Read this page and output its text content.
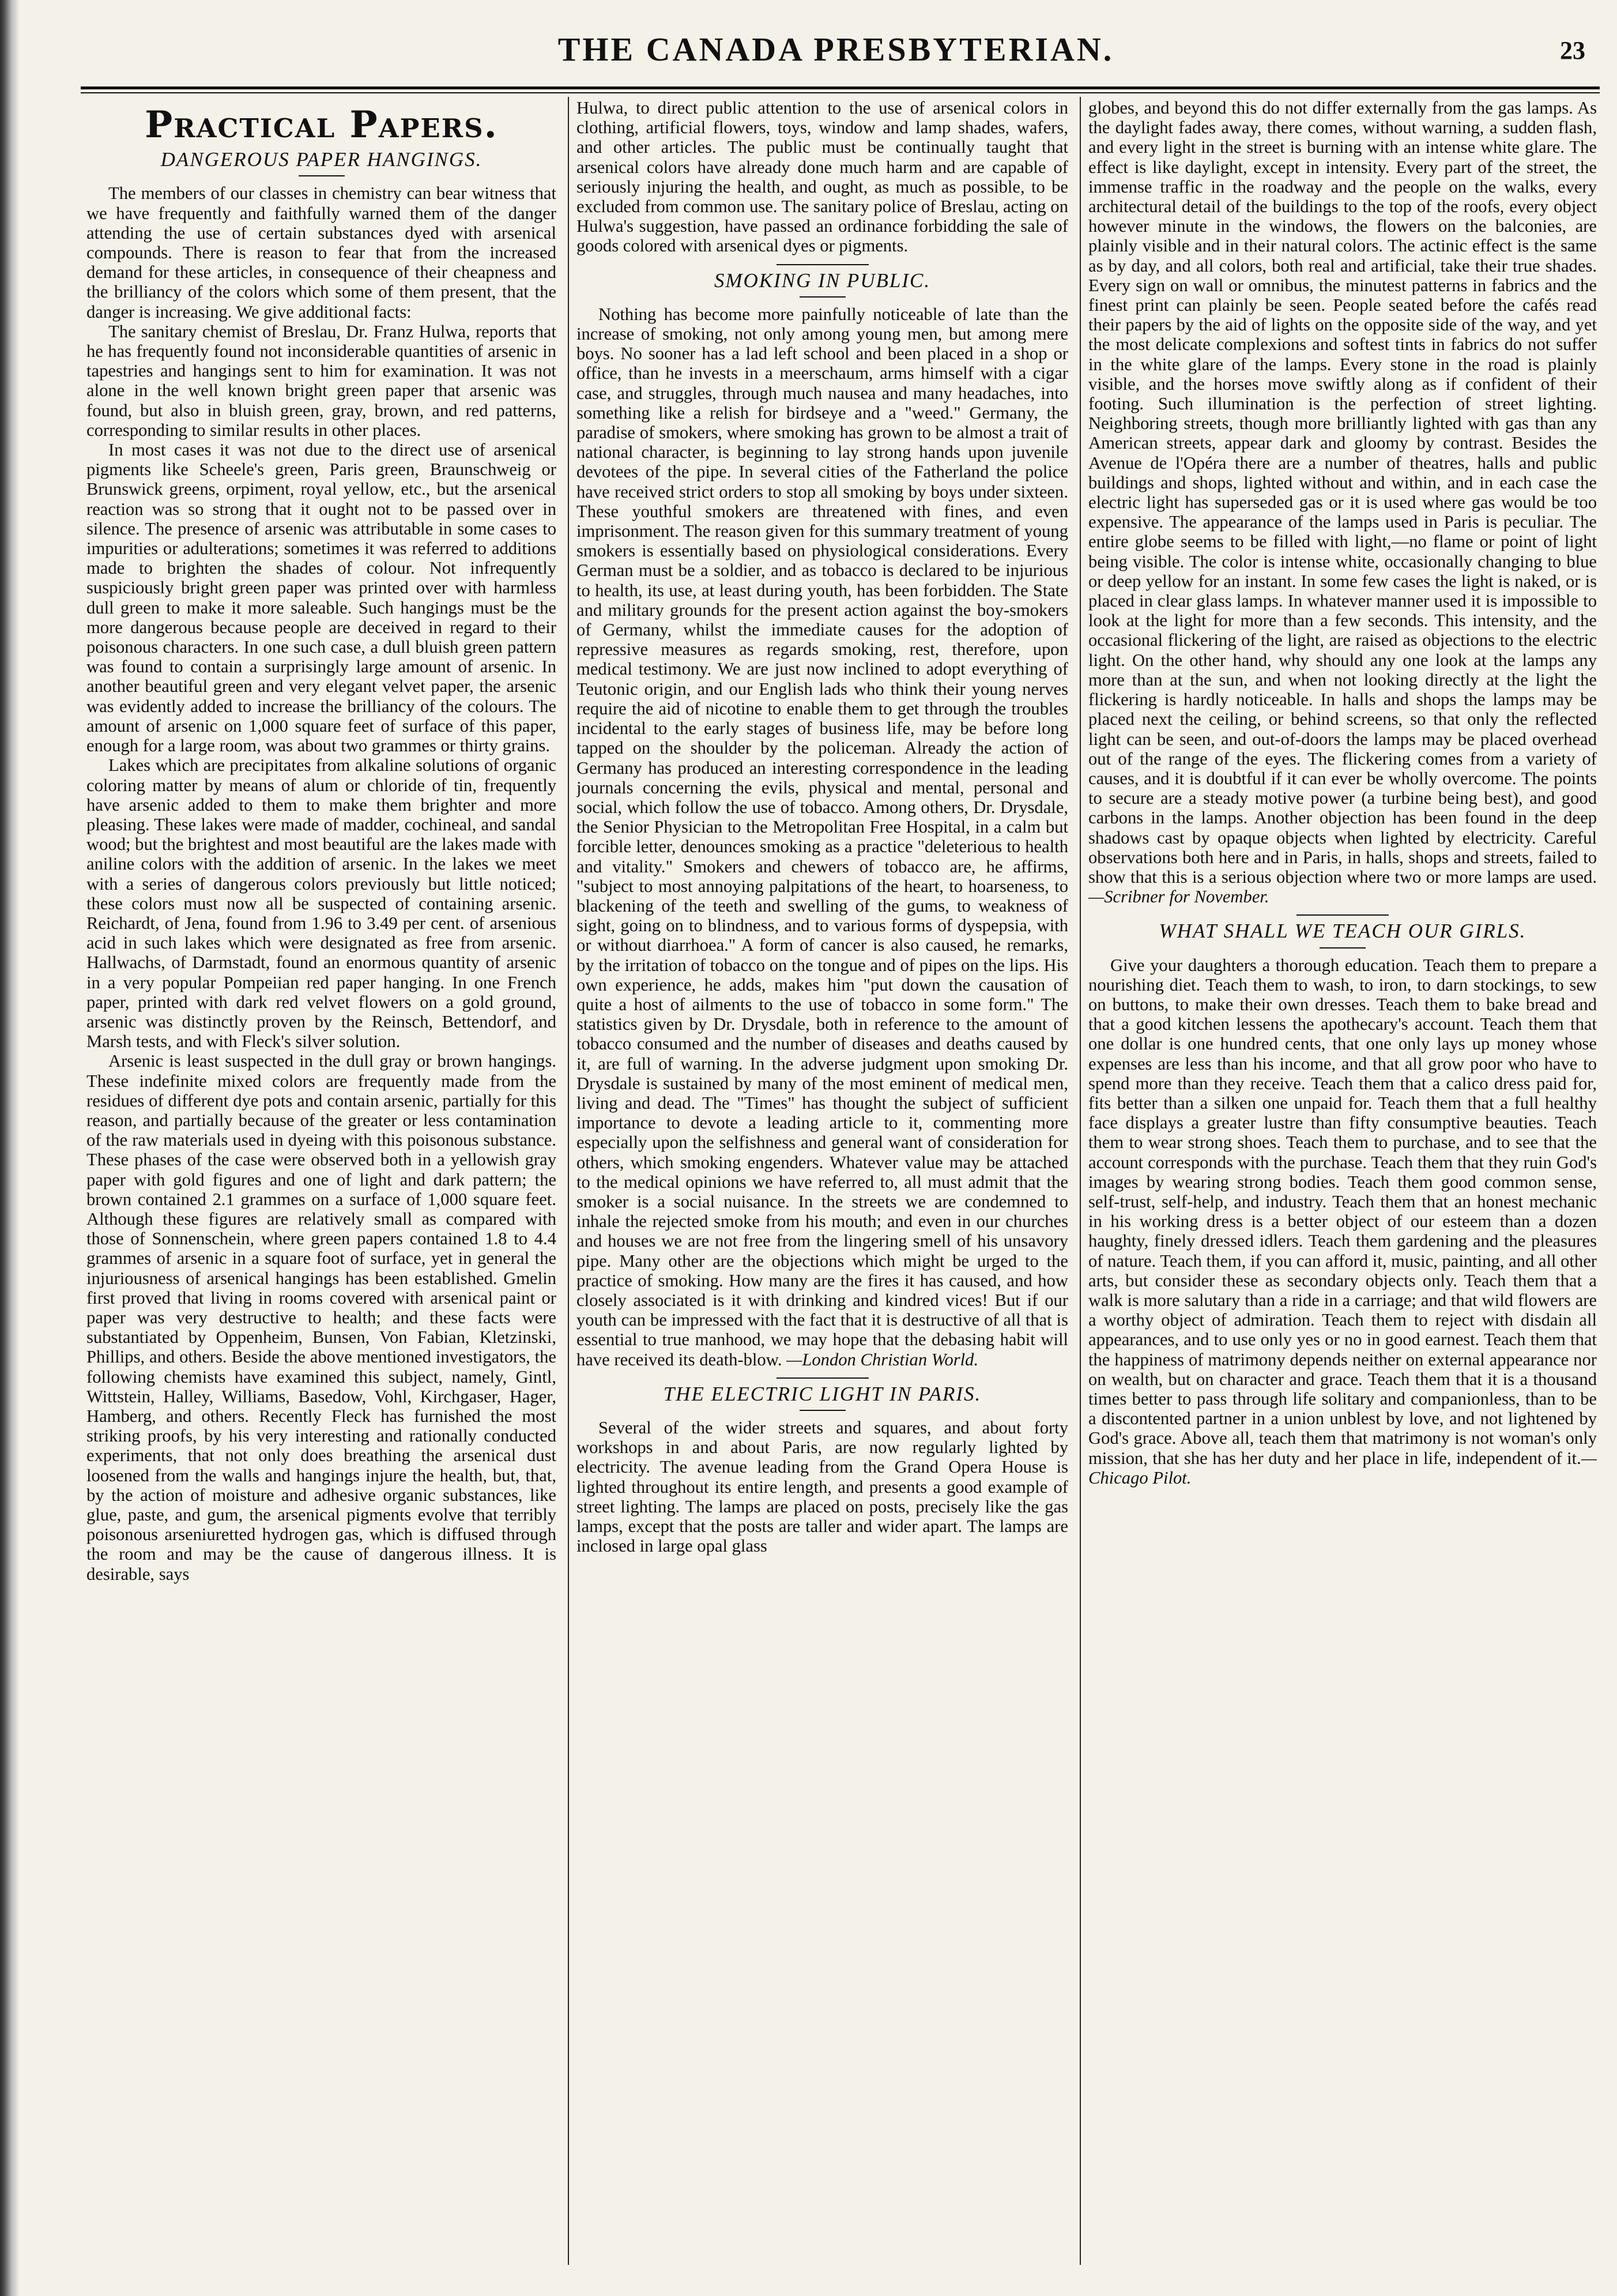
THE CANADA PRESBYTERIAN.	23
Practical Papers.
DANGEROUS PAPER HANGINGS.

The members of our classes in chemistry can bear witness that we have frequently and faithfully warned them of the danger attending the use of certain substances dyed with arsenical compounds. There is reason to fear that from the increased demand for these articles, in consequence of their cheapness and the brilliancy of the colors which some of them present, that the danger is increasing. We give additional facts:

The sanitary chemist of Breslau, Dr. Franz Hulwa, reports that he has frequently found not inconsiderable quantities of arsenic in tapestries and hangings sent to him for examination. It was not alone in the well known bright green paper that arsenic was found, but also in bluish green, gray, brown, and red patterns, corresponding to similar results in other places.

In most cases it was not due to the direct use of arsenical pigments like Scheele's green, Paris green, Braunschweig or Brunswick greens, orpiment, royal yellow, etc., but the arsenical reaction was so strong that it ought not to be passed over in silence. The presence of arsenic was attributable in some cases to impurities or adulterations; sometimes it was referred to additions made to brighten the shades of colour. Not infrequently suspiciously bright green paper was printed over with harmless dull green to make it more saleable. Such hangings must be the more dangerous because people are deceived in regard to their poisonous characters. In one such case, a dull bluish green pattern was found to contain a surprisingly large amount of arsenic. In another beautiful green and very elegant velvet paper, the arsenic was evidently added to increase the brilliancy of the colours. The amount of arsenic on 1,000 square feet of surface of this paper, enough for a large room, was about two grammes or thirty grains.

Lakes which are precipitates from alkaline solutions of organic coloring matter by means of alum or chloride of tin, frequently have arsenic added to them to make them brighter and more pleasing. These lakes were made of madder, cochineal, and sandal wood; but the brightest and most beautiful are the lakes made with aniline colors with the addition of arsenic. In the lakes we meet with a series of dangerous colors previously but little noticed; these colors must now all be suspected of containing arsenic. Reichardt, of Jena, found from 1.96 to 3.49 per cent. of arsenious acid in such lakes which were designated as free from arsenic. Hallwachs, of Darmstadt, found an enormous quantity of arsenic in a very popular Pompeiian red paper hanging. In one French paper, printed with dark red velvet flowers on a gold ground, arsenic was distinctly proven by the Reinsch, Bettendorf, and Marsh tests, and with Fleck's silver solution.

Arsenic is least suspected in the dull gray or brown hangings. These indefinite mixed colors are frequently made from the residues of different dye pots and contain arsenic, partially for this reason, and partially because of the greater or less contamination of the raw materials used in dyeing with this poisonous substance. These phases of the case were observed both in a yellowish gray paper with gold figures and one of light and dark pattern; the brown contained 2.1 grammes on a surface of 1,000 square feet. Although these figures are relatively small as compared with those of Sonnenschein, where green papers contained 1.8 to 4.4 grammes of arsenic in a square foot of surface, yet in general the injuriousness of arsenical hangings has been established. Gmelin first proved that living in rooms covered with arsenical paint or paper was very destructive to health; and these facts were substantiated by Oppenheim, Bunsen, Von Fabian, Kletzinski, Phillips, and others. Beside the above mentioned investigators, the following chemists have examined this subject, namely, Gintl, Wittstein, Halley, Williams, Basedow, Vohl, Kirchgaser, Hager, Hamberg, and others. Recently Fleck has furnished the most striking proofs, by his very interesting and rationally conducted experiments, that not only does breathing the arsenical dust loosened from the walls and hangings injure the health, but, that, by the action of moisture and adhesive organic substances, like glue, paste, and gum, the arsenical pigments evolve that terribly poisonous arseniuretted hydrogen gas, which is diffused through the room and may be the cause of dangerous illness. It is desirable, says

Hulwa, to direct public attention to the use of arsenical colors in clothing, artificial flowers, toys, window and lamp shades, wafers, and other articles. The public must be continually taught that arsenical colors have already done much harm and are capable of seriously injuring the health, and ought, as much as possible, to be excluded from common use. The sanitary police of Breslau, acting on Hulwa's suggestion, have passed an ordinance forbidding the sale of goods colored with arsenical dyes or pigments.

SMOKING IN PUBLIC.

Nothing has become more painfully noticeable of late than the increase of smoking, not only among young men, but among mere boys. No sooner has a lad left school and been placed in a shop or office, than he invests in a meerschaum, arms himself with a cigar case, and struggles, through much nausea and many headaches, into something like a relish for birdseye and a "weed." Germany, the paradise of smokers, where smoking has grown to be almost a trait of national character, is beginning to lay strong hands upon juvenile devotees of the pipe. In several cities of the Fatherland the police have received strict orders to stop all smoking by boys under sixteen. These youthful smokers are threatened with fines, and even imprisonment. The reason given for this summary treatment of young smokers is essentially based on physiological considerations. Every German must be a soldier, and as tobacco is declared to be injurious to health, its use, at least during youth, has been forbidden. The State and military grounds for the present action against the boy-smokers of Germany, whilst the immediate causes for the adoption of repressive measures as regards smoking, rest, therefore, upon medical testimony. We are just now inclined to adopt everything of Teutonic origin, and our English lads who think their young nerves require the aid of nicotine to enable them to get through the troubles incidental to the early stages of business life, may be before long tapped on the shoulder by the policeman. Already the action of Germany has produced an interesting correspondence in the leading journals concerning the evils, physical and mental, personal and social, which follow the use of tobacco. Among others, Dr. Drysdale, the Senior Physician to the Metropolitan Free Hospital, in a calm but forcible letter, denounces smoking as a practice "deleterious to health and vitality." Smokers and chewers of tobacco are, he affirms, "subject to most annoying palpitations of the heart, to hoarseness, to blackening of the teeth and swelling of the gums, to weakness of sight, going on to blindness, and to various forms of dyspepsia, with or without diarrhoea." A form of cancer is also caused, he remarks, by the irritation of tobacco on the tongue and of pipes on the lips. His own experience, he adds, makes him "put down the causation of quite a host of ailments to the use of tobacco in some form." The statistics given by Dr. Drysdale, both in reference to the amount of tobacco consumed and the number of diseases and deaths caused by it, are full of warning. In the adverse judgment upon smoking Dr. Drysdale is sustained by many of the most eminent of medical men, living and dead. The "Times" has thought the subject of sufficient importance to devote a leading article to it, commenting more especially upon the selfishness and general want of consideration for others, which smoking engenders. Whatever value may be attached to the medical opinions we have referred to, all must admit that the smoker is a social nuisance. In the streets we are condemned to inhale the rejected smoke from his mouth; and even in our churches and houses we are not free from the lingering smell of his unsavory pipe. Many other are the objections which might be urged to the practice of smoking. How many are the fires it has caused, and how closely associated is it with drinking and kindred vices! But if our youth can be impressed with the fact that it is destructive of all that is essential to true manhood, we may hope that the debasing habit will have received its death-blow. —London Christian World.

THE ELECTRIC LIGHT IN PARIS.

Several of the wider streets and squares, and about forty workshops in and about Paris, are now regularly lighted by electricity. The avenue leading from the Grand Opera House is lighted throughout its entire length, and presents a good example of street lighting. The lamps are placed on posts, precisely like the gas lamps, except that the posts are taller and wider apart. The lamps are inclosed in large opal glass

globes, and beyond this do not differ externally from the gas lamps. As the daylight fades away, there comes, without warning, a sudden flash, and every light in the street is burning with an intense white glare. The effect is like daylight, except in intensity. Every part of the street, the immense traffic in the roadway and the people on the walks, every architectural detail of the buildings to the top of the roofs, every object however minute in the windows, the flowers on the balconies, are plainly visible and in their natural colors. The actinic effect is the same as by day, and all colors, both real and artificial, take their true shades. Every sign on wall or omnibus, the minutest patterns in fabrics and the finest print can plainly be seen. People seated before the cafés read their papers by the aid of lights on the opposite side of the way, and yet the most delicate complexions and softest tints in fabrics do not suffer in the white glare of the lamps. Every stone in the road is plainly visible, and the horses move swiftly along as if confident of their footing. Such illumination is the perfection of street lighting. Neighboring streets, though more brilliantly lighted with gas than any American streets, appear dark and gloomy by contrast. Besides the Avenue de l'Opéra there are a number of theatres, halls and public buildings and shops, lighted without and within, and in each case the electric light has superseded gas or it is used where gas would be too expensive. The appearance of the lamps used in Paris is peculiar. The entire globe seems to be filled with light,—no flame or point of light being visible. The color is intense white, occasionally changing to blue or deep yellow for an instant. In some few cases the light is naked, or is placed in clear glass lamps. In whatever manner used it is impossible to look at the light for more than a few seconds. This intensity, and the occasional flickering of the light, are raised as objections to the electric light. On the other hand, why should any one look at the lamps any more than at the sun, and when not looking directly at the light the flickering is hardly noticeable. In halls and shops the lamps may be placed next the ceiling, or behind screens, so that only the reflected light can be seen, and out-of-doors the lamps may be placed overhead out of the range of the eyes. The flickering comes from a variety of causes, and it is doubtful if it can ever be wholly overcome. The points to secure are a steady motive power (a turbine being best), and good carbons in the lamps. Another objection has been found in the deep shadows cast by opaque objects when lighted by electricity. Careful observations both here and in Paris, in halls, shops and streets, failed to show that this is a serious objection where two or more lamps are used.—Scribner for November.

WHAT SHALL WE TEACH OUR GIRLS.

Give your daughters a thorough education. Teach them to prepare a nourishing diet. Teach them to wash, to iron, to darn stockings, to sew on buttons, to make their own dresses. Teach them to bake bread and that a good kitchen lessens the apothecary's account. Teach them that one dollar is one hundred cents, that one only lays up money whose expenses are less than his income, and that all grow poor who have to spend more than they receive. Teach them that a calico dress paid for, fits better than a silken one unpaid for. Teach them that a full healthy face displays a greater lustre than fifty consumptive beauties. Teach them to wear strong shoes. Teach them to purchase, and to see that the account corresponds with the purchase. Teach them that they ruin God's images by wearing strong bodies. Teach them good common sense, self-trust, self-help, and industry. Teach them that an honest mechanic in his working dress is a better object of our esteem than a dozen haughty, finely dressed idlers. Teach them gardening and the pleasures of nature. Teach them, if you can afford it, music, painting, and all other arts, but consider these as secondary objects only. Teach them that a walk is more salutary than a ride in a carriage; and that wild flowers are a worthy object of admiration. Teach them to reject with disdain all appearances, and to use only yes or no in good earnest. Teach them that the happiness of matrimony depends neither on external appearance nor on wealth, but on character and grace. Teach them that it is a thousand times better to pass through life solitary and companionless, than to be a discontented partner in a union unblest by love, and not lightened by God's grace. Above all, teach them that matrimony is not woman's only mission, that she has her duty and her place in life, independent of it.—Chicago Pilot.
